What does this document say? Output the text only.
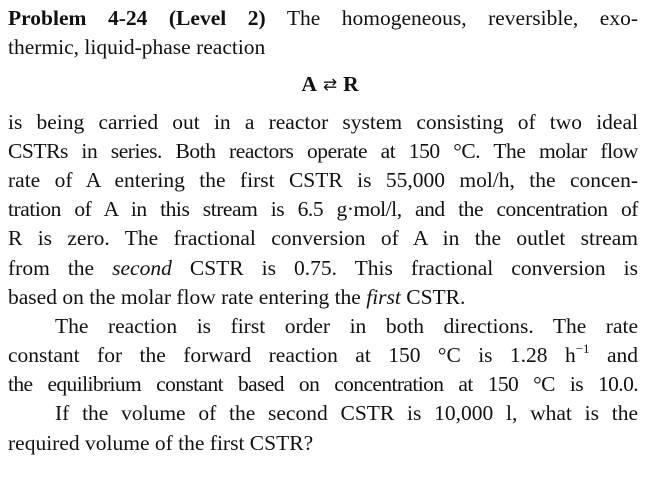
Problem 4-24 (Level 2) The homogeneous, reversible, exo-
thermic, liquid-phase reaction
A ⇄ R
is being carried out in a reactor system consisting of two ideal
CSTRs in series. Both reactors operate at 150 °C. The molar flow
rate of A entering the first CSTR is 55,000 mol/h, the concen-
tration of A in this stream is 6.5 g·mol/l, and the concentration of
R is zero. The fractional conversion of A in the outlet stream
from the second CSTR is 0.75. This fractional conversion is
based on the molar flow rate entering the first CSTR.
The reaction is first order in both directions. The rate
constant for the forward reaction at 150 °C is 1.28 $h^{-1}$ and
the equilibrium constant based on concentration at 150 °C is 10.0.
If the volume of the second CSTR is 10,000 l, what is the
required volume of the first CSTR?
